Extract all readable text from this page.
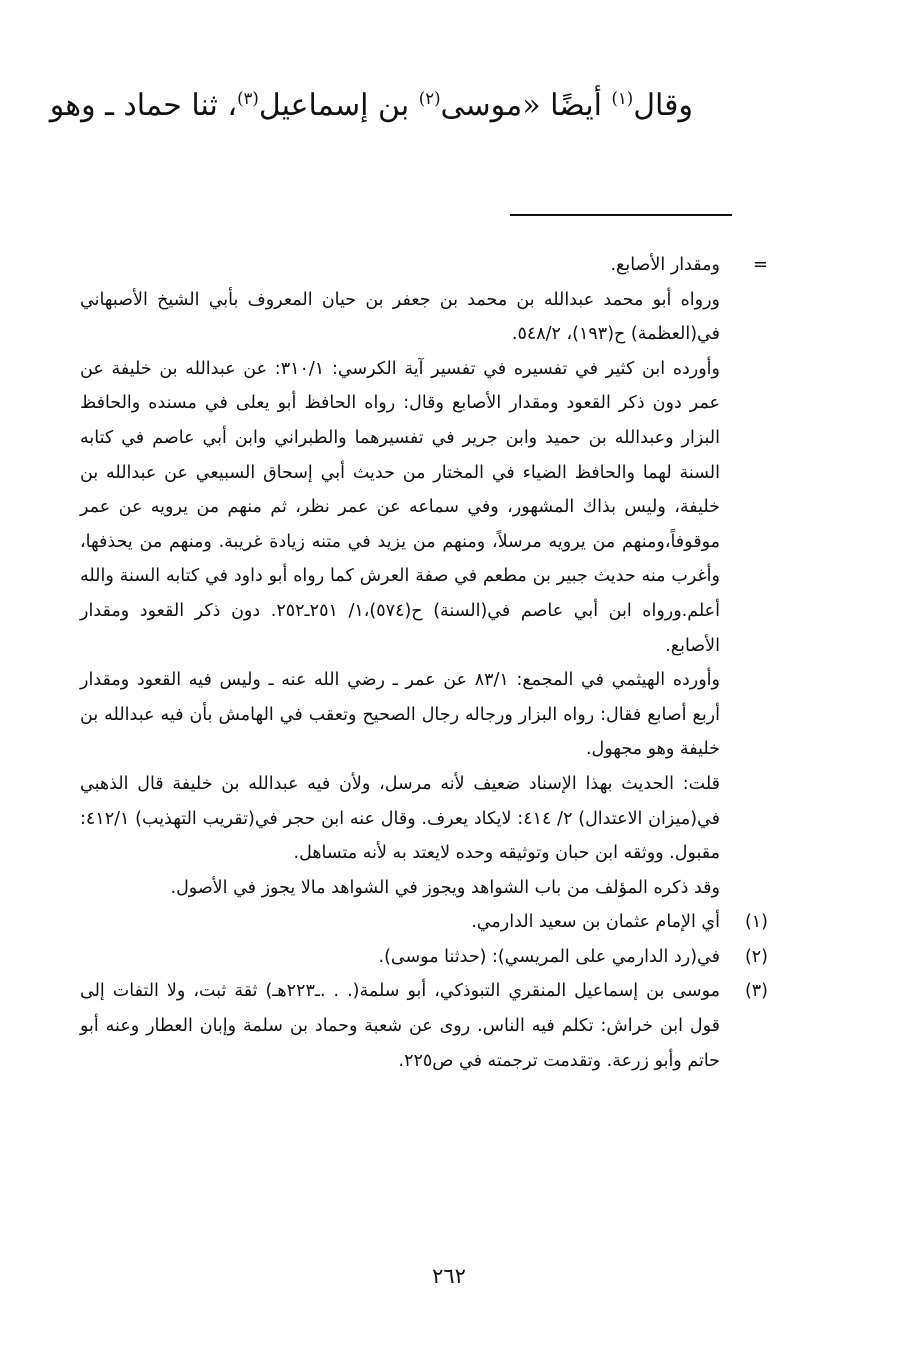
وقال$^{(١)}$ أيضًا «موسى$^{(٢)}$ بن إسماعيل$^{(٣)}$، ثنا حماد ـ وهو
=

ومقدار الأصابع.

ورواه أبو محمد عبدالله بن محمد بن جعفر بن حيان المعروف بأبي الشيخ الأصبهاني في(العظمة) ح(١٩٣)، ٥٤٨/٢.

وأورده ابن كثير في تفسيره في تفسير آية الكرسي: ٣١٠/١: عن عبدالله بن خليفة عن عمر دون ذكر القعود ومقدار الأصابع وقال: رواه الحافظ أبو يعلى في مسنده والحافظ البزار وعبدالله بن حميد وابن جرير في تفسيرهما والطبراني وابن أبي عاصم في كتابه السنة لهما والحافظ الضياء في المختار من حديث أبي إسحاق السبيعي عن عبدالله بن خليفة، وليس بذاك المشهور، وفي سماعه عن عمر نظر، ثم منهم من يرويه عن عمر موقوفاً،ومنهم من يرويه مرسلاً، ومنهم من يزيد في متنه زيادة غريبة. ومنهم من يحذفها، وأغرب منه حديث جبير بن مطعم في صفة العرش كما رواه أبو داود في كتابه السنة والله أعلم.ورواه ابن أبي عاصم في(السنة) ح(٥٧٤)،١/ ٢٥١ـ٢٥٢. دون ذكر القعود ومقدار الأصابع.

وأورده الهيثمي في المجمع: ٨٣/١ عن عمر ـ رضي الله عنه ـ وليس فيه القعود ومقدار أربع أصابع فقال: رواه البزار ورجاله رجال الصحيح وتعقب في الهامش بأن فيه عبدالله بن خليفة وهو مجهول.

قلت: الحديث بهذا الإسناد ضعيف لأنه مرسل، ولأن فيه عبدالله بن خليفة قال الذهبي في(ميزان الاعتدال) ٢/ ٤١٤: لايكاد يعرف. وقال عنه ابن حجر في(تقريب التهذيب) ٤١٢/١: مقبول. ووثقه ابن حبان وتوثيقه وحده لايعتد به لأنه متساهل.

وقد ذكره المؤلف من باب الشواهد ويجوز في الشواهد مالا يجوز في الأصول.

(١)
أي الإمام عثمان بن سعيد الدارمي.
(٢)
في(رد الدارمي على المريسي): (حدثنا موسى).
(٣)
موسى بن إسماعيل المنقري التبوذكي، أبو سلمة(. . .ـ٢٢٣هـ) ثقة ثبت، ولا التفات إلى قول ابن خراش: تكلم فيه الناس. روى عن شعبة وحماد بن سلمة وإبان العطار وعنه أبو حاتم وأبو زرعة. وتقدمت ترجمته في ص٢٢٥.
٢٦٢
